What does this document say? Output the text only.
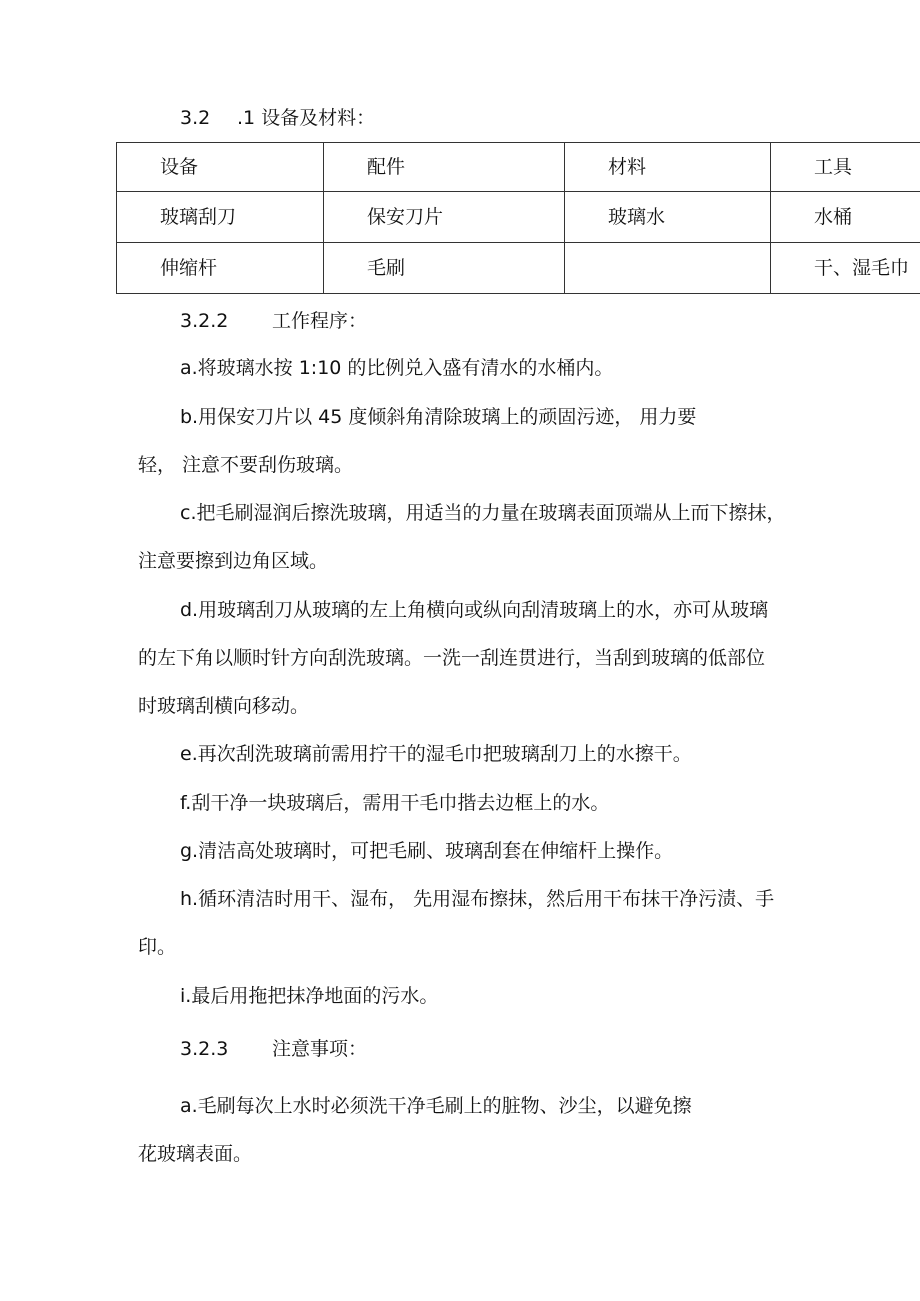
3.2 .1 设备及材料：
设备	配件	材料	工具
玻璃刮刀	保安刀片	玻璃水	水桶
伸缩杆	毛刷		干、湿毛巾
3.2.2 工作程序：
a.将玻璃水按 1:10 的比例兑入盛有清水的水桶内。
b.用保安刀片以 45 度倾斜角清除玻璃上的顽固污迹， 用力要
轻， 注意不要刮伤玻璃。
c.把毛刷湿润后擦洗玻璃，用适当的力量在玻璃表面顶端从上而下擦抹，
注意要擦到边角区域。
d.用玻璃刮刀从玻璃的左上角横向或纵向刮清玻璃上的水，亦可从玻璃
的左下角以顺时针方向刮洗玻璃。一洗一刮连贯进行，当刮到玻璃的低部位
时玻璃刮横向移动。
e.再次刮洗玻璃前需用拧干的湿毛巾把玻璃刮刀上的水擦干。
f.刮干净一块玻璃后，需用干毛巾揩去边框上的水。
g.清洁高处玻璃时，可把毛刷、玻璃刮套在伸缩杆上操作。
h.循环清洁时用干、湿布， 先用湿布擦抹，然后用干布抹干净污渍、手
印。
i.最后用拖把抹净地面的污水。
3.2.3 注意事项：
a.毛刷每次上水时必须洗干净毛刷上的脏物、沙尘，以避免擦
花玻璃表面。
